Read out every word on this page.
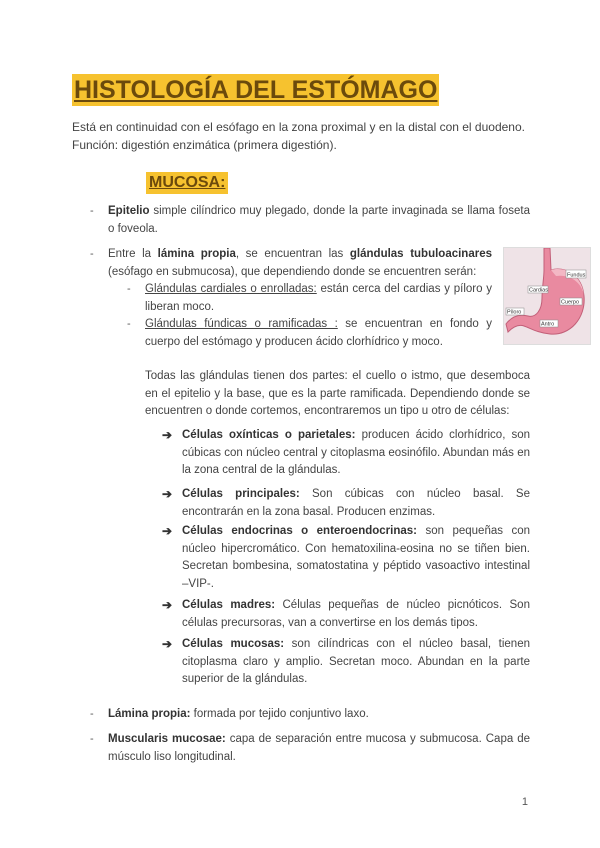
HISTOLOGÍA DEL ESTÓMAGO
Está en continuidad con el esófago en la zona proximal y en la distal con el duodeno.
Función: digestión enzimática (primera digestión).
MUCOSA:
- Epitelio simple cilíndrico muy plegado, donde la parte invaginada se llama foseta o foveola.
- Entre la lámina propia, se encuentran las glándulas tubuloacinares (esófago en submucosa), que dependiendo donde se encuentren serán:
- Glándulas cardiales o enrolladas: están cerca del cardias y píloro y liberan moco.
- Glándulas fúndicas o ramificadas : se encuentran en fondo y cuerpo del estómago y producen ácido clorhídrico y moco.
Fundus
Cardias
Cuerpo
Píloro
Antro
Todas las glándulas tienen dos partes: el cuello o istmo, que desemboca en el epitelio y la base, que es la parte ramificada. Dependiendo donde se encuentren o donde cortemos, encontraremos un tipo u otro de células:
➔ Células oxínticas o parietales: producen ácido clorhídrico, son cúbicas con núcleo central y citoplasma eosinófilo. Abundan más en la zona central de la glándulas.
➔ Células principales: Son cúbicas con núcleo basal. Se encontrarán en la zona basal. Producen enzimas.
➔ Células endocrinas o enteroendocrinas: son pequeñas con núcleo hipercromático. Con hematoxilina-eosina no se tiñen bien. Secretan bombesina, somatostatina y péptido vasoactivo intestinal –VIP-.
➔ Células madres: Células pequeñas de núcleo picnóticos. Son células precursoras, van a convertirse en los demás tipos.
➔ Células mucosas: son cilíndricas con el núcleo basal, tienen citoplasma claro y amplio. Secretan moco. Abundan en la parte superior de la glándulas.
- Lámina propia: formada por tejido conjuntivo laxo.
- Muscularis mucosae: capa de separación entre mucosa y submucosa. Capa de músculo liso longitudinal.
1
